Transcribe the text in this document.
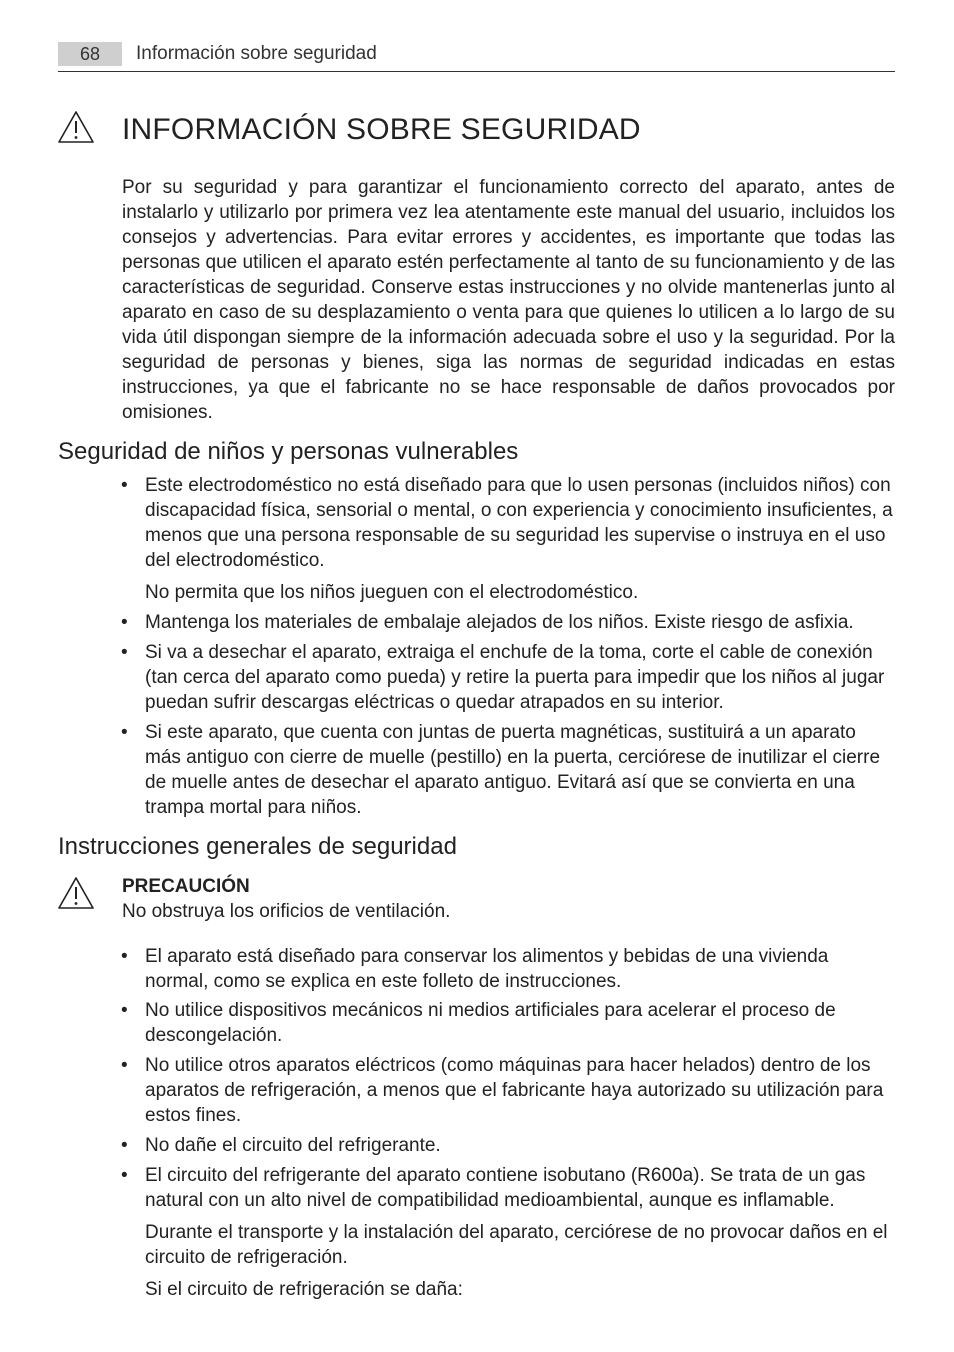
68	Información sobre seguridad
INFORMACIÓN SOBRE SEGURIDAD

Por su seguridad y para garantizar el funcionamiento correcto del aparato, antes de instalarlo y utilizarlo por primera vez lea atentamente este manual del usuario, incluidos los consejos y advertencias. Para evitar errores y accidentes, es importante que todas las personas que utilicen el aparato estén perfectamente al tanto de su funcionamiento y de las características de seguridad. Conserve estas instrucciones y no olvide mantenerlas junto al aparato en caso de su desplazamiento o venta para que quienes lo utilicen a lo largo de su vida útil dispongan siempre de la información adecuada sobre el uso y la seguridad. Por la seguridad de personas y bienes, siga las normas de seguridad indicadas en estas instrucciones, ya que el fabricante no se hace responsable de daños provocados por omisiones.

Seguridad de niños y personas vulnerables

• Este electrodoméstico no está diseñado para que lo usen personas (incluidos niños) con discapacidad física, sensorial o mental, o con experiencia y conocimiento insuficientes, a menos que una persona responsable de su seguridad les supervise o instruya en el uso del electrodoméstico.

No permita que los niños jueguen con el electrodoméstico.

• Mantenga los materiales de embalaje alejados de los niños. Existe riesgo de asfixia.

• Si va a desechar el aparato, extraiga el enchufe de la toma, corte el cable de conexión (tan cerca del aparato como pueda) y retire la puerta para impedir que los niños al jugar puedan sufrir descargas eléctricas o quedar atrapados en su interior.

• Si este aparato, que cuenta con juntas de puerta magnéticas, sustituirá a un aparato más antiguo con cierre de muelle (pestillo) en la puerta, cerciórese de inutilizar el cierre de muelle antes de desechar el aparato antiguo. Evitará así que se convierta en una trampa mortal para niños.

Instrucciones generales de seguridad
PRECAUCIÓN
No obstruya los orificios de ventilación.

• El aparato está diseñado para conservar los alimentos y bebidas de una vivienda normal, como se explica en este folleto de instrucciones.

• No utilice dispositivos mecánicos ni medios artificiales para acelerar el proceso de descongelación.

• No utilice otros aparatos eléctricos (como máquinas para hacer helados) dentro de los aparatos de refrigeración, a menos que el fabricante haya autorizado su utilización para estos fines.

• No dañe el circuito del refrigerante.

• El circuito del refrigerante del aparato contiene isobutano (R600a). Se trata de un gas natural con un alto nivel de compatibilidad medioambiental, aunque es inflamable.

Durante el transporte y la instalación del aparato, cerciórese de no provocar daños en el circuito de refrigeración.

Si el circuito de refrigeración se daña:
